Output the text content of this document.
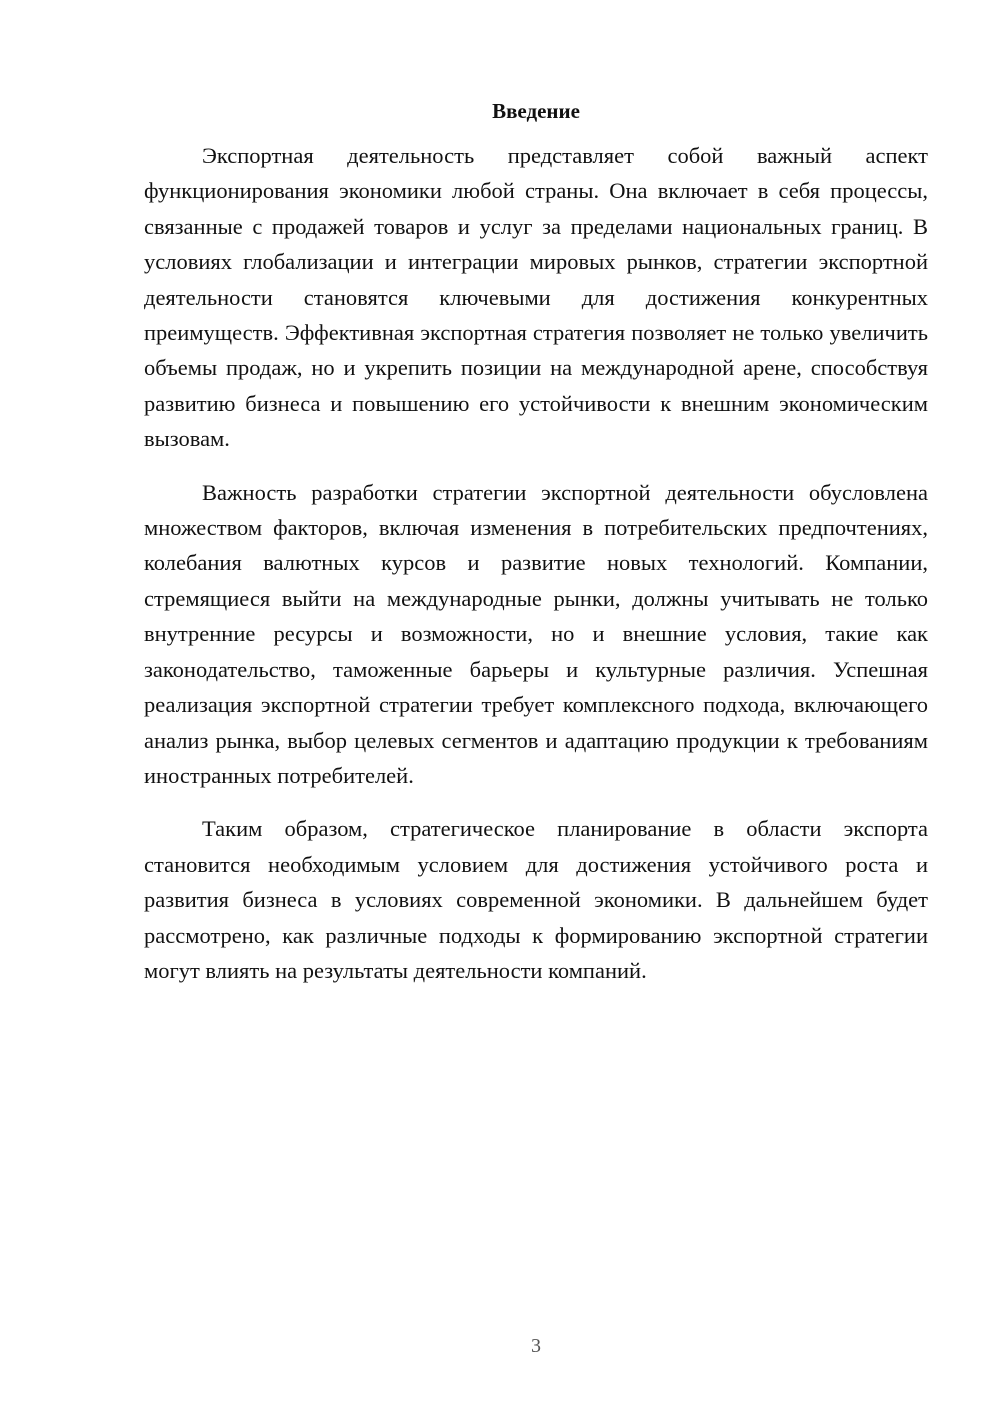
Введение

Экспортная деятельность представляет собой важный аспект функционирования экономики любой страны. Она включает в себя процессы, связанные с продажей товаров и услуг за пределами национальных границ. В условиях глобализации и интеграции мировых рынков, стратегии экспортной деятельности становятся ключевыми для достижения конкурентных преимуществ. Эффективная экспортная стратегия позволяет не только увеличить объемы продаж, но и укрепить позиции на международной арене, способствуя развитию бизнеса и повышению его устойчивости к внешним экономическим вызовам.

Важность разработки стратегии экспортной деятельности обусловлена множеством факторов, включая изменения в потребительских предпочтениях, колебания валютных курсов и развитие новых технологий. Компании, стремящиеся выйти на международные рынки, должны учитывать не только внутренние ресурсы и возможности, но и внешние условия, такие как законодательство, таможенные барьеры и культурные различия. Успешная реализация экспортной стратегии требует комплексного подхода, включающего анализ рынка, выбор целевых сегментов и адаптацию продукции к требованиям иностранных потребителей.

Таким образом, стратегическое планирование в области экспорта становится необходимым условием для достижения устойчивого роста и развития бизнеса в условиях современной экономики. В дальнейшем будет рассмотрено, как различные подходы к формированию экспортной стратегии могут влиять на результаты деятельности компаний.

3
